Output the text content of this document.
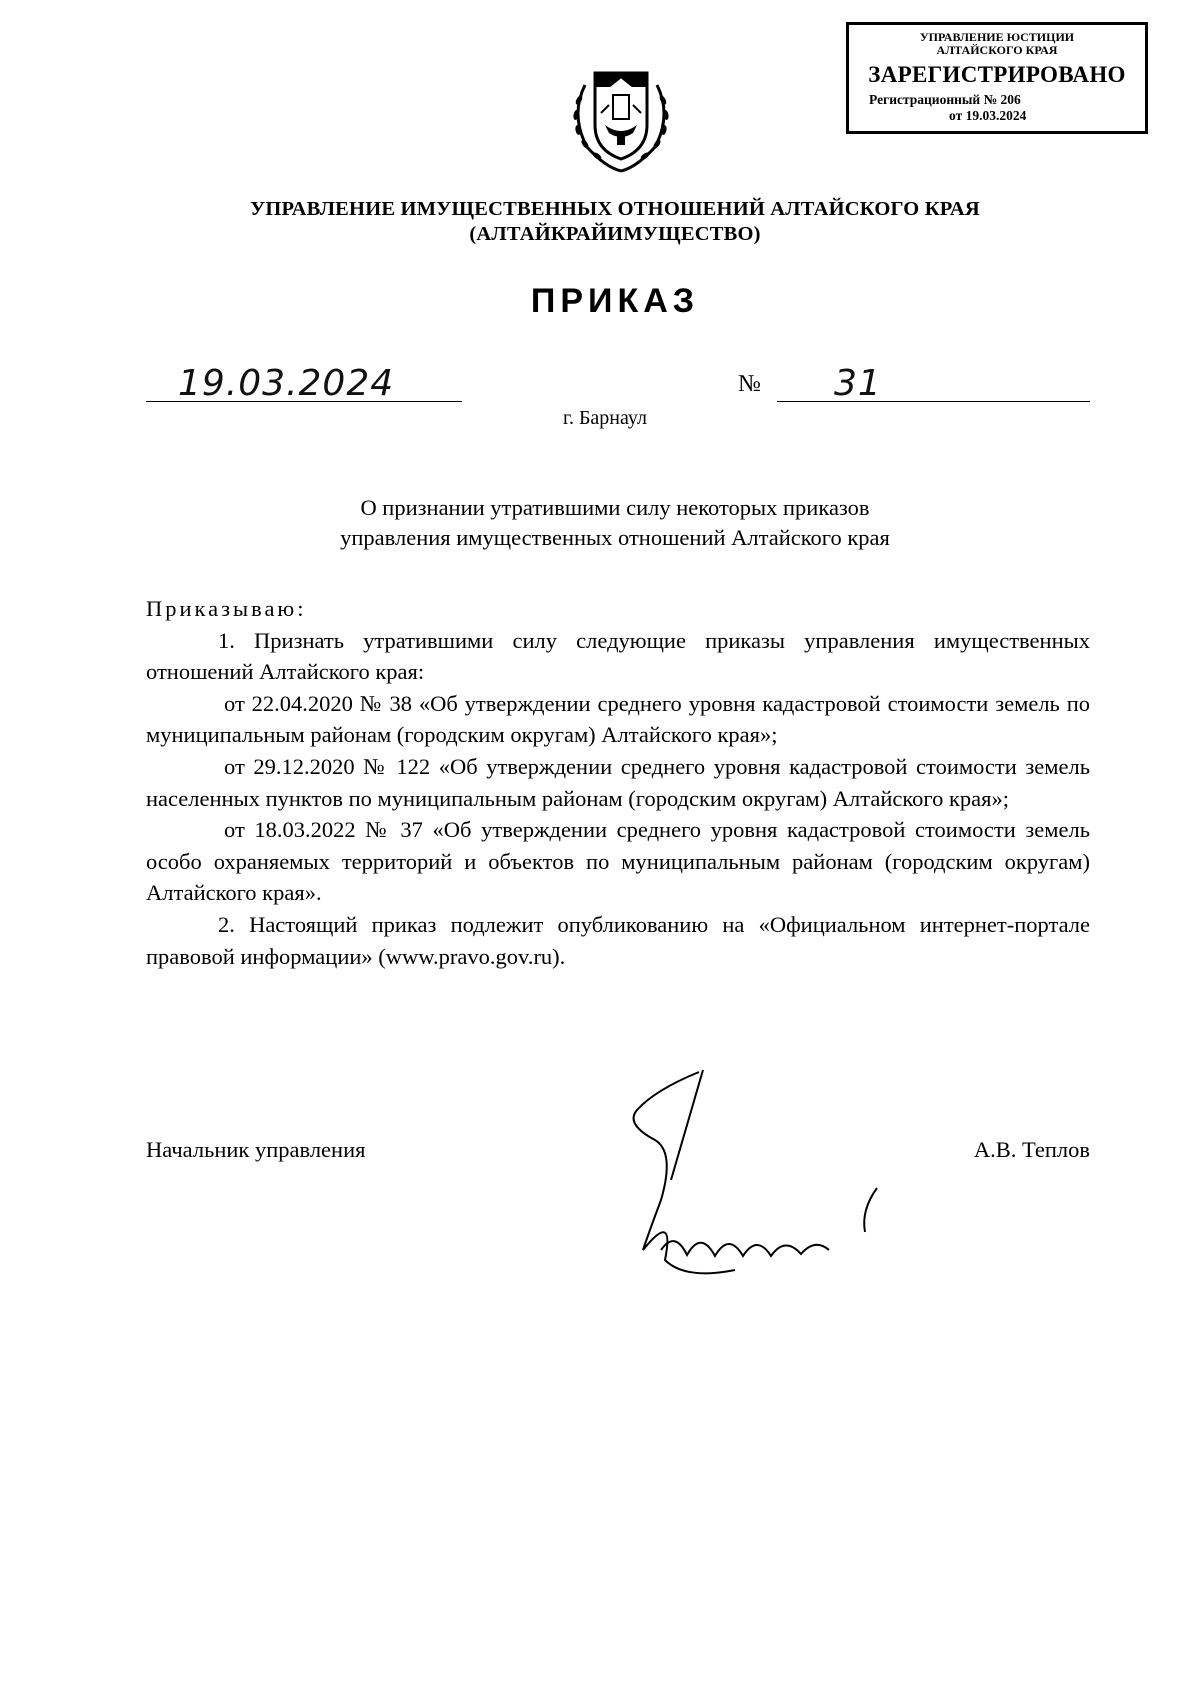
УПРАВЛЕНИЕ ЮСТИЦИИ
АЛТАЙСКОГО КРАЯ
ЗАРЕГИСТРИРОВАНО
Регистрационный № 206
от 19.03.2024
УПРАВЛЕНИЕ ИМУЩЕСТВЕННЫХ ОТНОШЕНИЙ АЛТАЙСКОГО КРАЯ
(АЛТАЙКРАЙИМУЩЕСТВО)
ПРИКАЗ
19.03.2024	№ 31
г. Барнаул
О признании утратившими силу некоторых приказов
управления имущественных отношений Алтайского края

Приказываю:

1. Признать утратившими силу следующие приказы управления имущественных отношений Алтайского края:

от 22.04.2020 № 38 «Об утверждении среднего уровня кадастровой стоимости земель по муниципальным районам (городским округам) Алтайского края»;

от 29.12.2020 № 122 «Об утверждении среднего уровня кадастровой стоимости земель населенных пунктов по муниципальным районам (городским округам) Алтайского края»;

от 18.03.2022 № 37 «Об утверждении среднего уровня кадастровой стоимости земель особо охраняемых территорий и объектов по муниципальным районам (городским округам) Алтайского края».

2. Настоящий приказ подлежит опубликованию на «Официальном интернет-портале правовой информации» (www.pravo.gov.ru).

Начальник управления	А.В. Теплов
